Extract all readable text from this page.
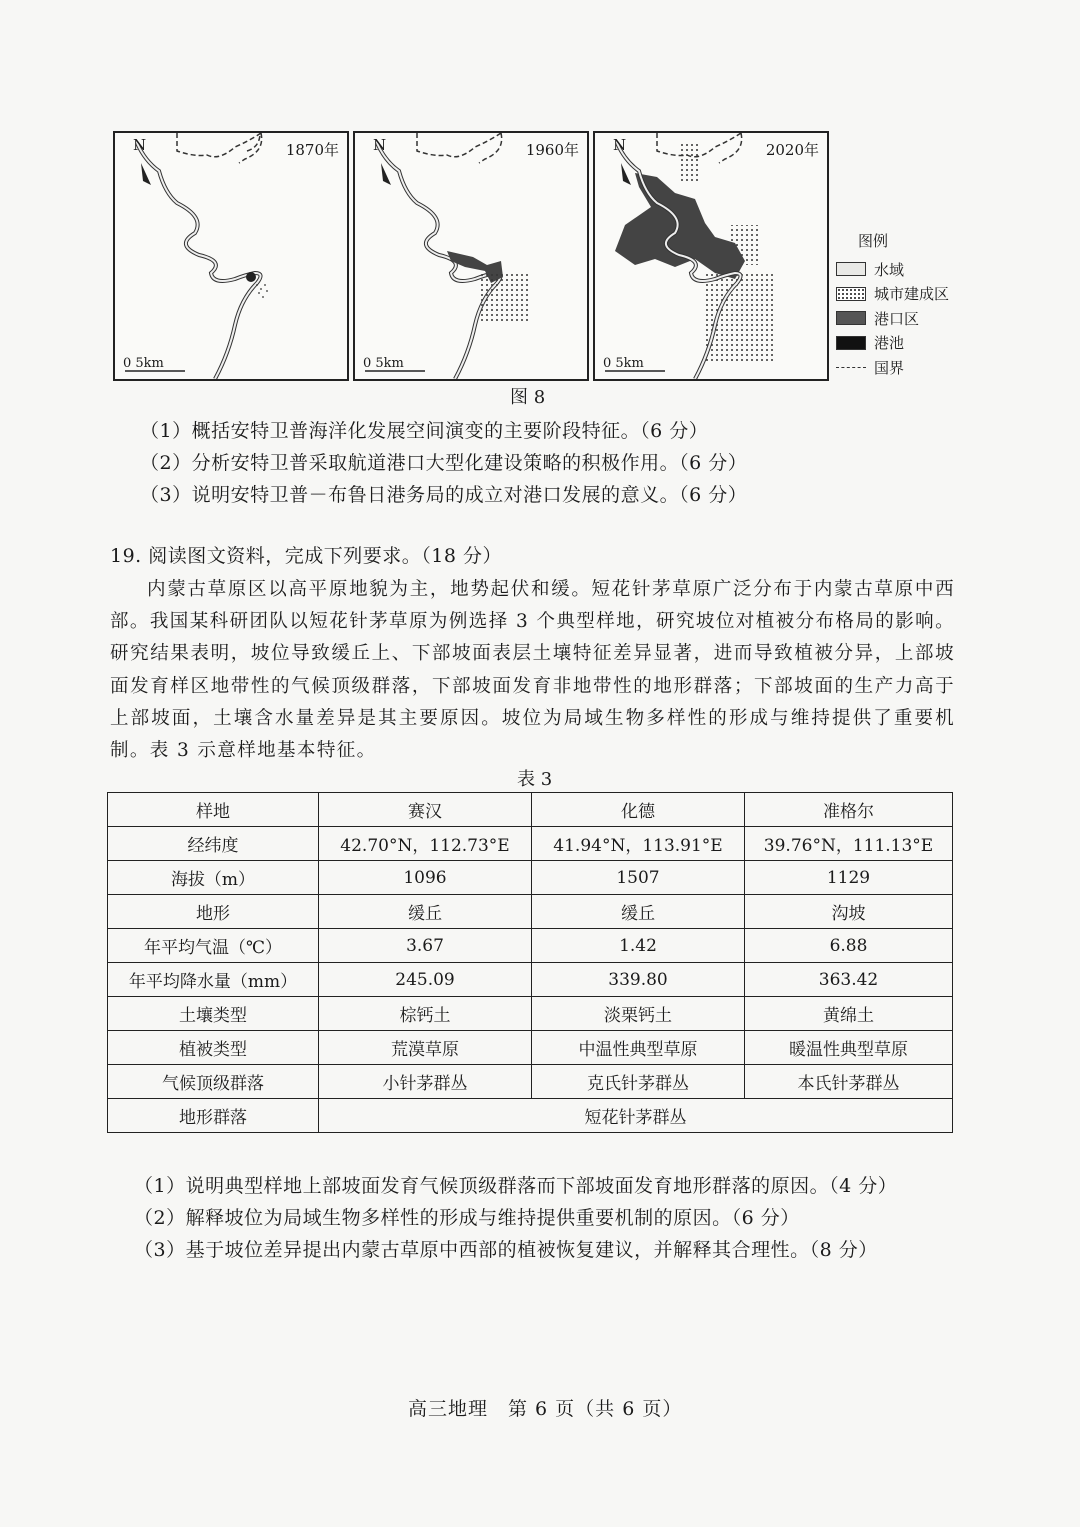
N	1870年
0 5km
N	1960年
0 5km
N	2020年
0 5km
图例
水域
城市建成区
港口区
港池
国界
图 8
（1）概括安特卫普海洋化发展空间演变的主要阶段特征。（6 分）
（2）分析安特卫普采取航道港口大型化建设策略的积极作用。（6 分）
（3）说明安特卫普－布鲁日港务局的成立对港口发展的意义。（6 分）
19. 阅读图文资料，完成下列要求。（18 分）

内蒙古草原区以高平原地貌为主，地势起伏和缓。短花针茅草原广泛分布于内蒙古草原中西部。我国某科研团队以短花针茅草原为例选择 3 个典型样地，研究坡位对植被分布格局的影响。研究结果表明，坡位导致缓丘上、下部坡面表层土壤特征差异显著，进而导致植被分异，上部坡面发育样区地带性的气候顶级群落，下部坡面发育非地带性的地形群落；下部坡面的生产力高于上部坡面，土壤含水量差异是其主要原因。坡位为局域生物多样性的形成与维持提供了重要机制。表 3 示意样地基本特征。

表 3
样地	赛汉	化德	准格尔
经纬度	42.70°N，112.73°E	41.94°N，113.91°E	39.76°N，111.13°E
海拔（m）	1096	1507	1129
地形	缓丘	缓丘	沟坡
年平均气温（℃）	3.67	1.42	6.88
年平均降水量（mm）	245.09	339.80	363.42
土壤类型	棕钙土	淡栗钙土	黄绵土
植被类型	荒漠草原	中温性典型草原	暖温性典型草原
气候顶级群落	小针茅群丛	克氏针茅群丛	本氏针茅群丛
地形群落	短花针茅群丛		
（1）说明典型样地上部坡面发育气候顶级群落而下部坡面发育地形群落的原因。（4 分）
（2）解释坡位为局域生物多样性的形成与维持提供重要机制的原因。（6 分）
（3）基于坡位差异提出内蒙古草原中西部的植被恢复建议，并解释其合理性。（8 分）
高三地理　第 6 页（共 6 页）
